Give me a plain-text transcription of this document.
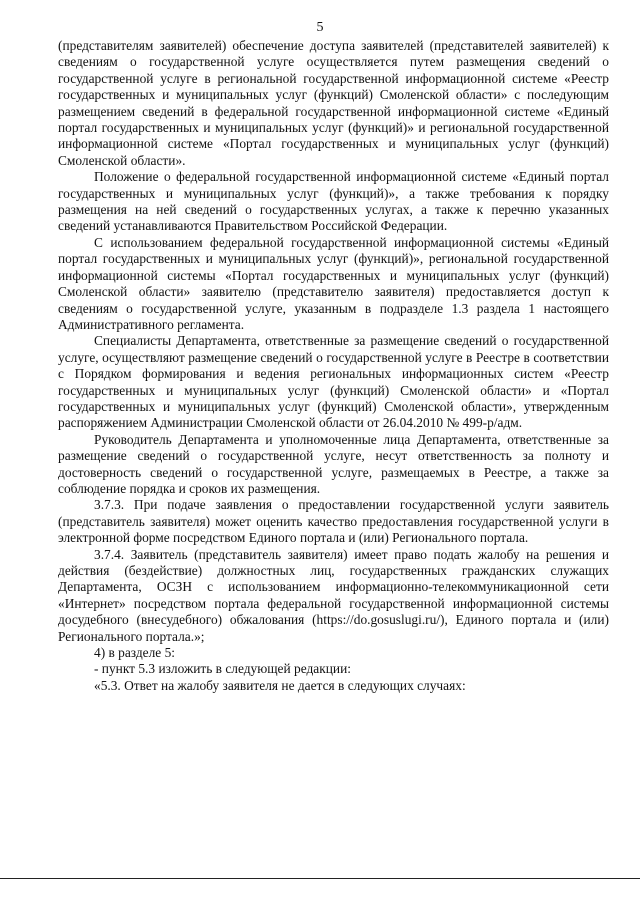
5

(представителям заявителей) обеспечение доступа заявителей (представителей заявителей) к сведениям о государственной услуге осуществляется путем размещения сведений о государственной услуге в региональной государственной информационной системе «Реестр государственных и муниципальных услуг (функций) Смоленской области» с последующим размещением сведений в федеральной государственной информационной системе «Единый портал государственных и муниципальных услуг (функций)» и региональной государственной информационной системе «Портал государственных и муниципальных услуг (функций) Смоленской области».

Положение о федеральной государственной информационной системе «Единый портал государственных и муниципальных услуг (функций)», а также требования к порядку размещения на ней сведений о государственных услугах, а также к перечню указанных сведений устанавливаются Правительством Российской Федерации.

С использованием федеральной государственной информационной системы «Единый портал государственных и муниципальных услуг (функций)», региональной государственной информационной системы «Портал государственных и муниципальных услуг (функций) Смоленской области» заявителю (представителю заявителя) предоставляется доступ к сведениям о государственной услуге, указанным в подразделе 1.3 раздела 1 настоящего Административного регламента.

Специалисты Департамента, ответственные за размещение сведений о государственной услуге, осуществляют размещение сведений о государственной услуге в Реестре в соответствии с Порядком формирования и ведения региональных информационных систем «Реестр государственных и муниципальных услуг (функций) Смоленской области» и «Портал государственных и муниципальных услуг (функций) Смоленской области», утвержденным распоряжением Администрации Смоленской области от 26.04.2010 № 499-р/адм.

Руководитель Департамента и уполномоченные лица Департамента, ответственные за размещение сведений о государственной услуге, несут ответственность за полноту и достоверность сведений о государственной услуге, размещаемых в Реестре, а также за соблюдение порядка и сроков их размещения.

3.7.3. При подаче заявления о предоставлении государственной услуги заявитель (представитель заявителя) может оценить качество предоставления государственной услуги в электронной форме посредством Единого портала и (или) Регионального портала.

3.7.4. Заявитель (представитель заявителя) имеет право подать жалобу на решения и действия (бездействие) должностных лиц, государственных гражданских служащих Департамента, ОСЗН с использованием информационно-телекоммуникационной сети «Интернет» посредством портала федеральной государственной информационной системы досудебного (внесудебного) обжалования (https://do.gosuslugi.ru/), Единого портала и (или) Регионального портала.»;

4) в разделе 5:

- пункт 5.3 изложить в следующей редакции:

«5.3. Ответ на жалобу заявителя не дается в следующих случаях:
